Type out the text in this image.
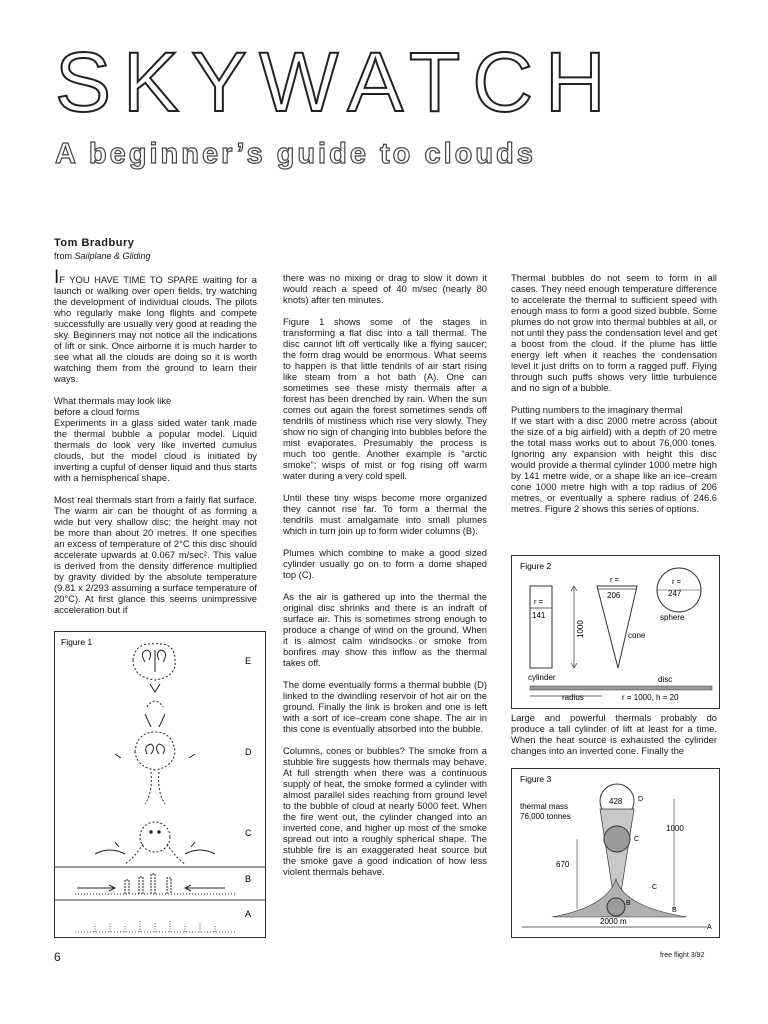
SKYWATCH
A beginner’s guide to clouds
Tom Bradbury
from Sailplane & Gliding

IF YOU HAVE TIME TO SPARE waiting for a launch or walking over open fields, try watching the development of individual clouds. The pilots who regularly make long flights and compete successfully are usually very good at reading the sky. Beginners may not notice all the indications of lift or sink. Once airborne it is much harder to see what all the clouds are doing so it is worth watching them from the ground to learn their ways.

What thermals may look like

before a cloud forms

Experiments in a glass sided water tank made the thermal bubble a popular model. Liquid thermals do look very like inverted cumulus clouds, but the model cloud is initiated by inverting a cupful of denser liquid and thus starts with a hemispherical shape.

Most real thermals start from a fairly flat surface. The warm air can be thought of as forming a wide but very shallow disc; the height may not be more than about 20 metres. If one specifies an excess of temperature of 2°C this disc should accelerate upwards at 0.067 m/sec². This value is derived from the density difference multiplied by gravity divided by the absolute temperature (9.81 x 2/293 assuming a surface temperature of 20°C). At first glance this seems unimpressive acceleration but if

Figure 1
E
D
C
B
A

there was no mixing or drag to slow it down it would reach a speed of 40 m/sec (nearly 80 knots) after ten minutes.

Figure 1 shows some of the stages in transforming a flat disc into a tall thermal. The disc cannot lift off vertically like a flying saucer; the form drag would be enormous. What seems to happen is that little tendrils of air start rising like steam from a hot bath (A). One can sometimes see these misty thermals after a forest has been drenched by rain. When the sun comes out again the forest sometimes sends off tendrils of mistiness which rise very slowly. They show no sign of changing into bubbles before the mist evaporates. Presumably the process is much too gentle. Another example is “arctic smoke”; wisps of mist or fog rising off warm water during a very cold spell.

Until these tiny wisps become more organized they cannot rise far. To form a thermal the tendrils must amalgamate into small plumes which in turn join up to form wider columns (B).

Plumes which combine to make a good sized cylinder usually go on to form a dome shaped top (C).

As the air is gathered up into the thermal the original disc shrinks and there is an indraft of surface air. This is sometimes strong enough to produce a change of wind on the ground. When it is almost calm windsocks or smoke from bonfires may show this inflow as the thermal takes off.

The dome eventually forms a thermal bubble (D) linked to the dwindling reservoir of hot air on the ground. Finally the link is broken and one is left with a sort of ice–cream cone shape. The air in this cone is eventually absorbed into the bubble.

Columns, cones or bubbles? The smoke from a stubble fire suggests how thermals may behave. At full strength when there was a continuous supply of heat, the smoke formed a cylinder with almost parallel sides reaching from ground level to the bubble of cloud at nearly 5000 feet. When the fire went out, the cylinder changed into an inverted cone, and higher up most of the smoke spread out into a roughly spherical shape. The stubble fire is an exaggerated heat source but the smoke gave a good indication of how less violent thermals behave.

Thermal bubbles do not seem to form in all cases. They need enough temperature difference to accelerate the thermal to sufficient speed with enough mass to form a good sized bubble. Some plumes do not grow into thermal bubbles at all, or not until they pass the condensation level and get a boost from the cloud. If the plume has little energy left when it reaches the condensation level it just drifts on to form a ragged puff. Flying through such puffs shows very little turbulence and no sign of a bubble.

Putting numbers to the imaginary thermal

If we start with a disc 2000 metre across (about the size of a big airfield) with a depth of 20 metre the total mass works out to about 76,000 tones. Ignoring any expansion with height this disc would provide a thermal cylinder 1000 metre high by 141 metre wide, or a shape like an ice–cream cone 1000 metre high with a top radius of 206 metres, or eventually a sphere radius of 246.6 metres. Figure 2 shows this series of options.

Large and powerful thermals probably do produce a tall cylinder of lift at least for a time. When the heat source is exhausted the cylinder changes into an inverted cone. Finally the

Figure 2
r =
141
cylinder
1000
r =
206
cone
r =
247
sphere
disc
radius	r = 1000, h = 20
Figure 3
thermal mass
76,000 tonnes
428 D
C
C
B
B
1000
670
2000 m
A
6	free flight 3/92
